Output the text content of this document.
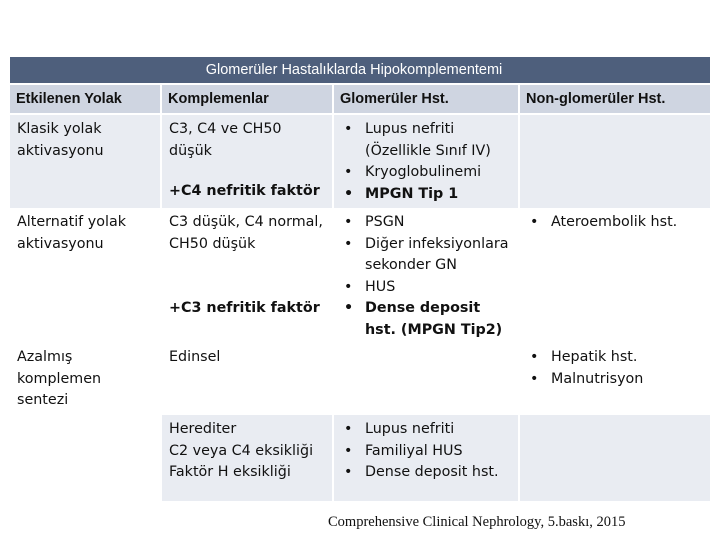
Glomerüler Hastalıklarda Hipokomplementemi
Etkilenen Yolak	Komplemenlar	Glomerüler Hst.	Non-glomerüler Hst.
Klasik yolak aktivasyonu
C3, C4 ve CH50 düşük
+C4 nefritik faktör
• Lupus nefriti (Özellikle Sınıf IV)
• Kryoglobulinemi
• MPGN Tip 1
Alternatif yolak aktivasyonu
C3 düşük, C4 normal, CH50 düşük
+C3 nefritik faktör
• PSGN
• Diğer infeksiyonlara sekonder GN
• HUS
• Dense deposit hst. (MPGN Tip2)
• Ateroembolik hst.
Azalmış komplemen sentezi
Edinsel
•	Hepatik hst.
• Malnutrisyon
Herediter
C2 veya C4 eksikliği
Faktör H eksikliği
• Lupus nefriti
• Familiyal HUS
• Dense deposit hst.
Comprehensive Clinical Nephrology, 5.baskı, 2015
